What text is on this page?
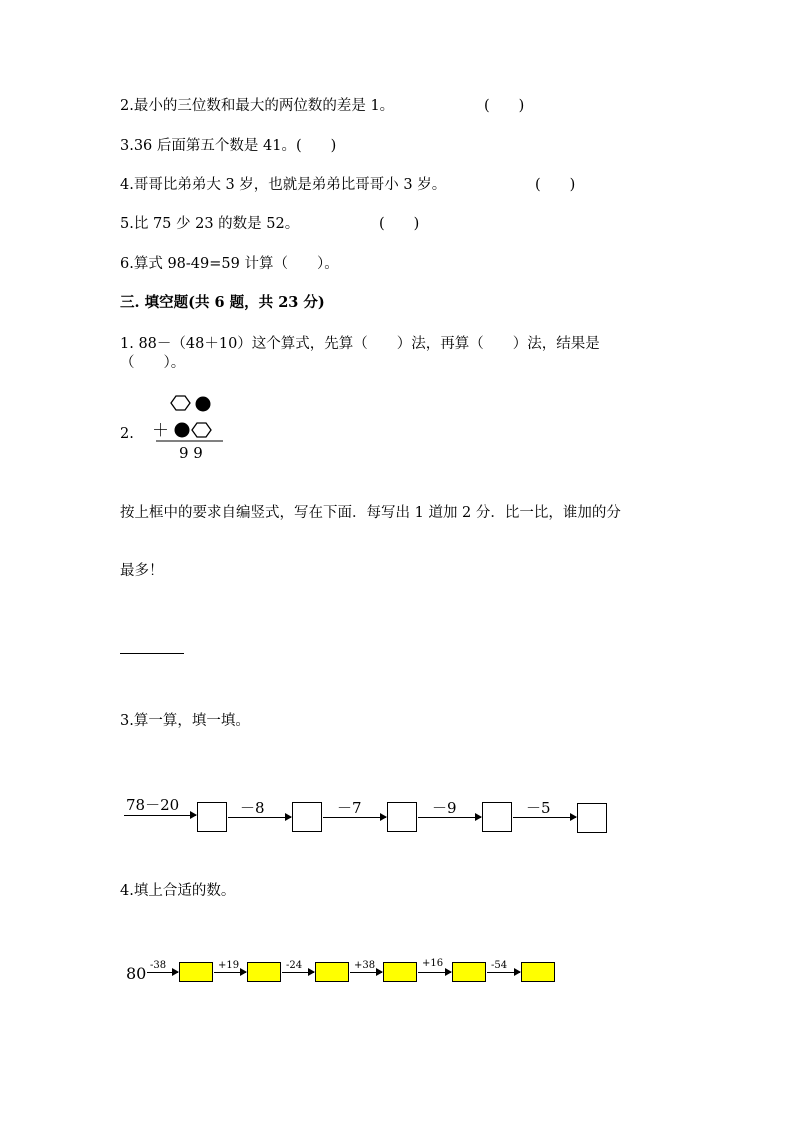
2.最小的三位数和最大的两位数的差是 1。	(　　)
3.36 后面第五个数是 41。(　　)
4.哥哥比弟弟大 3 岁，也就是弟弟比哥哥小 3 岁。	(　　)
5.比 75 少 23 的数是 52。	(　　)
6.算式 98-49=59 计算（　　）。
三. 填空题(共 6 题，共 23 分)
1. 88－（48＋10）这个算式，先算（　　）法，再算（　　）法，结果是
（　　）。
2. ＋
9 9
按上框中的要求自编竖式，写在下面．每写出 1 道加 2 分．比一比，谁加的分
最多！
3.算一算，填一填。
78－20	－8	－7	－9	－5
4.填上合适的数。
80 -38	+19	-24	+38	+16	-54
